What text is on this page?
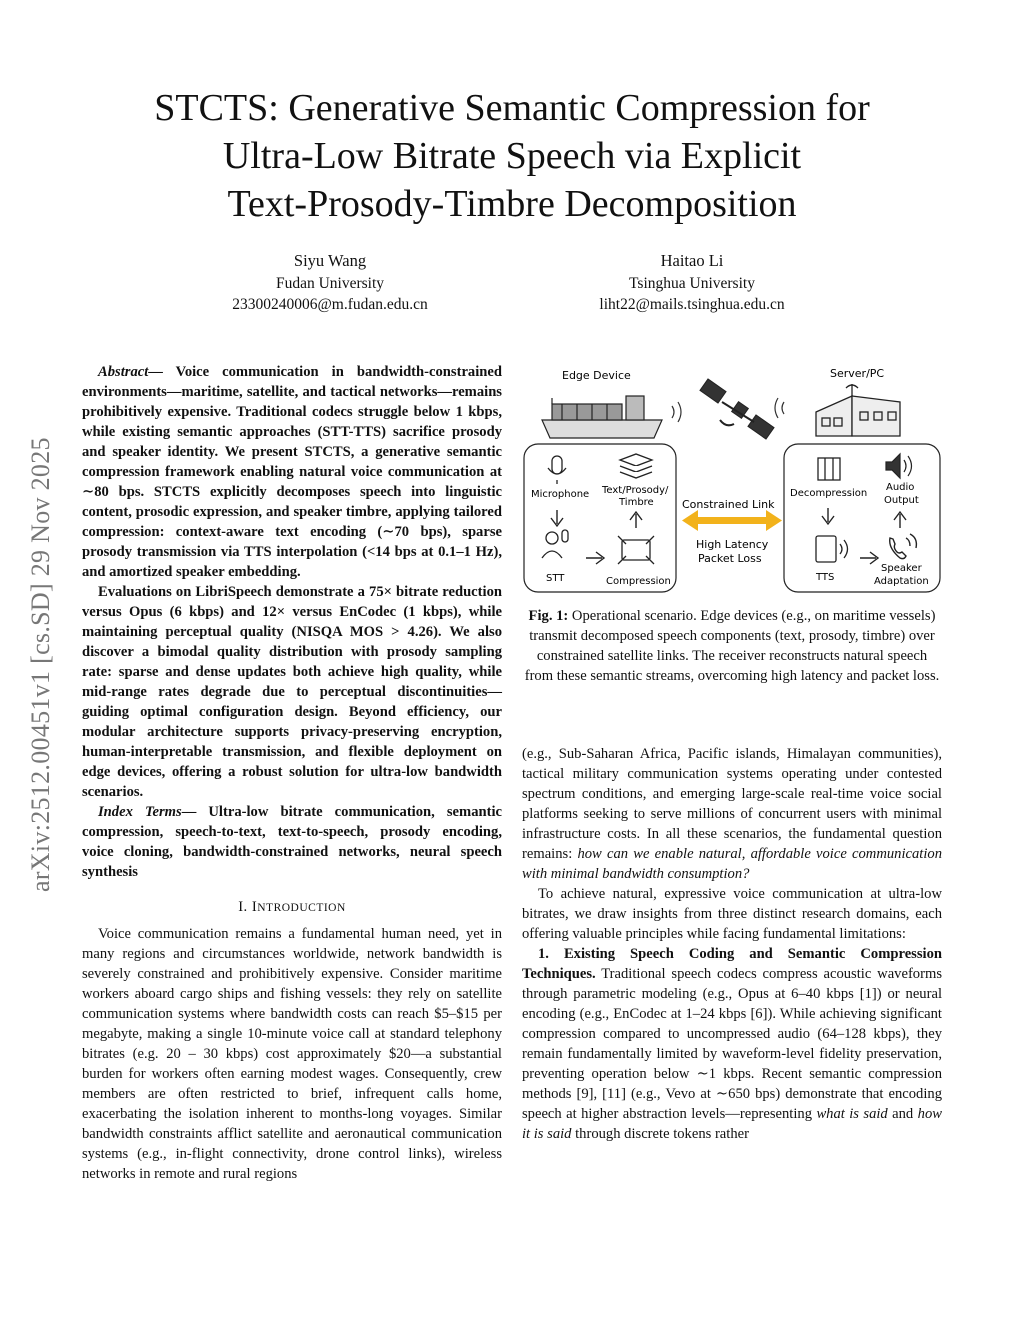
arXiv:2512.00451v1 [cs.SD] 29 Nov 2025
STCTS: Generative Semantic Compression for
Ultra-Low Bitrate Speech via Explicit
Text-Prosody-Timbre Decomposition
Siyu Wang
Fudan University
23300240006@m.fudan.edu.cn
Haitao Li
Tsinghua University
liht22@mails.tsinghua.edu.cn

Abstract— Voice communication in bandwidth-constrained environments—maritime, satellite, and tactical networks—remains prohibitively expensive. Traditional codecs struggle below 1 kbps, while existing semantic approaches (STT-TTS) sacrifice prosody and speaker identity. We present STCTS, a generative semantic compression framework enabling natural voice communication at ∼80 bps. STCTS explicitly decomposes speech into linguistic content, prosodic expression, and speaker timbre, applying tailored compression: context-aware text encoding (∼70 bps), sparse prosody transmission via TTS interpolation (<14 bps at 0.1–1 Hz), and amortized speaker embedding.

Evaluations on LibriSpeech demonstrate a 75× bitrate reduction versus Opus (6 kbps) and 12× versus EnCodec (1 kbps), while maintaining perceptual quality (NISQA MOS > 4.26). We also discover a bimodal quality distribution with prosody sampling rate: sparse and dense updates both achieve high quality, while mid-range rates degrade due to perceptual discontinuities—guiding optimal configuration design. Beyond efficiency, our modular architecture supports privacy-preserving encryption, human-interpretable transmission, and flexible deployment on edge devices, offering a robust solution for ultra-low bandwidth scenarios.

Index Terms— Ultra-low bitrate communication, semantic compression, speech-to-text, text-to-speech, prosody encoding, voice cloning, bandwidth-constrained networks, neural speech synthesis

I. INTRODUCTION

Voice communication remains a fundamental human need, yet in many regions and circumstances worldwide, network bandwidth is severely constrained and prohibitively expensive. Consider maritime workers aboard cargo ships and fishing vessels: they rely on satellite communication systems where bandwidth costs can reach $5–$15 per megabyte, making a single 10-minute voice call at standard telephony bitrates (e.g. 20 – 30 kbps) cost approximately $20—a substantial burden for workers often earning modest wages. Consequently, crew members are often restricted to brief, infrequent calls home, exacerbating the isolation inherent to months-long voyages. Similar bandwidth constraints afflict satellite and aeronautical communication systems (e.g., in-flight connectivity, drone control links), wireless networks in remote and rural regions

Edge Device	Server/PC
Microphone
STT
Text/Prosody/
Timbre
Compression
Constrained Link
High Latency
Packet Loss
Decompression
TTS
Audio
Output
Speaker
Adaptation
Fig. 1: Operational scenario. Edge devices (e.g., on maritime vessels) transmit decomposed speech components (text, prosody, timbre) over constrained satellite links. The receiver reconstructs natural speech from these semantic streams, overcoming high latency and packet loss.

(e.g., Sub-Saharan Africa, Pacific islands, Himalayan communities), tactical military communication systems operating under contested spectrum conditions, and emerging large-scale real-time voice social platforms seeking to serve millions of concurrent users with minimal infrastructure costs. In all these scenarios, the fundamental question remains: how can we enable natural, affordable voice communication with minimal bandwidth consumption?

To achieve natural, expressive voice communication at ultra-low bitrates, we draw insights from three distinct research domains, each offering valuable principles while facing fundamental limitations:

1. Existing Speech Coding and Semantic Compression Techniques. Traditional speech codecs compress acoustic waveforms through parametric modeling (e.g., Opus at 6–40 kbps [1]) or neural encoding (e.g., EnCodec at 1–24 kbps [6]). While achieving significant compression compared to uncompressed audio (64–128 kbps), they remain fundamentally limited by waveform-level fidelity preservation, preventing operation below ∼1 kbps. Recent semantic compression methods [9], [11] (e.g., Vevo at ∼650 bps) demonstrate that encoding speech at higher abstraction levels—representing what is said and how it is said through discrete tokens rather
